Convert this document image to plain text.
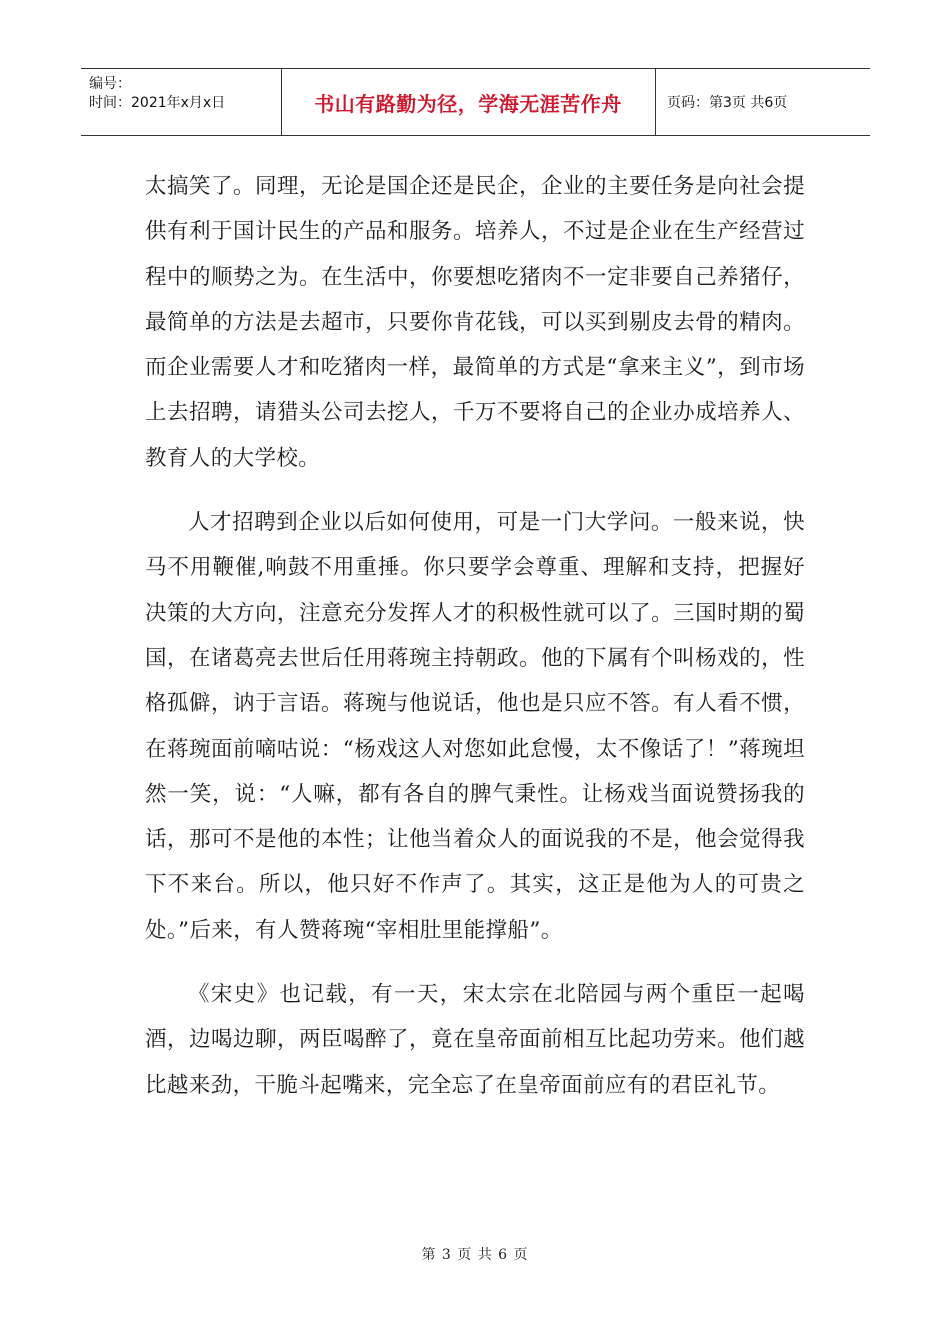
编号：
时间：2021年x月x日	书山有路勤为径，学海无涯苦作舟	页码：第3页 共6页

太搞笑了。同理，无论是国企还是民企，企业的主要任务是向社会提供有利于国计民生的产品和服务。培养人，不过是企业在生产经营过程中的顺势之为。在生活中，你要想吃猪肉不一定非要自己养猪仔，最简单的方法是去超市，只要你肯花钱，可以买到剔皮去骨的精肉。而企业需要人才和吃猪肉一样，最简单的方式是“拿来主义”，到市场上去招聘，请猎头公司去挖人，千万不要将自己的企业办成培养人、教育人的大学校。

人才招聘到企业以后如何使用，可是一门大学问。一般来说，快马不用鞭催,响鼓不用重捶。你只要学会尊重、理解和支持，把握好决策的大方向，注意充分发挥人才的积极性就可以了。三国时期的蜀国，在诸葛亮去世后任用蒋琬主持朝政。他的下属有个叫杨戏的，性格孤僻，讷于言语。蒋琬与他说话，他也是只应不答。有人看不惯，在蒋琬面前嘀咕说：“杨戏这人对您如此怠慢，太不像话了！”蒋琬坦然一笑，说：“人嘛，都有各自的脾气秉性。让杨戏当面说赞扬我的话，那可不是他的本性；让他当着众人的面说我的不是，他会觉得我下不来台。所以，他只好不作声了。其实，这正是他为人的可贵之处。”后来，有人赞蒋琬“宰相肚里能撑船”。

《宋史》也记载，有一天，宋太宗在北陪园与两个重臣一起喝酒，边喝边聊，两臣喝醉了，竟在皇帝面前相互比起功劳来。他们越比越来劲，干脆斗起嘴来，完全忘了在皇帝面前应有的君臣礼节。

第 3 页 共 6 页
